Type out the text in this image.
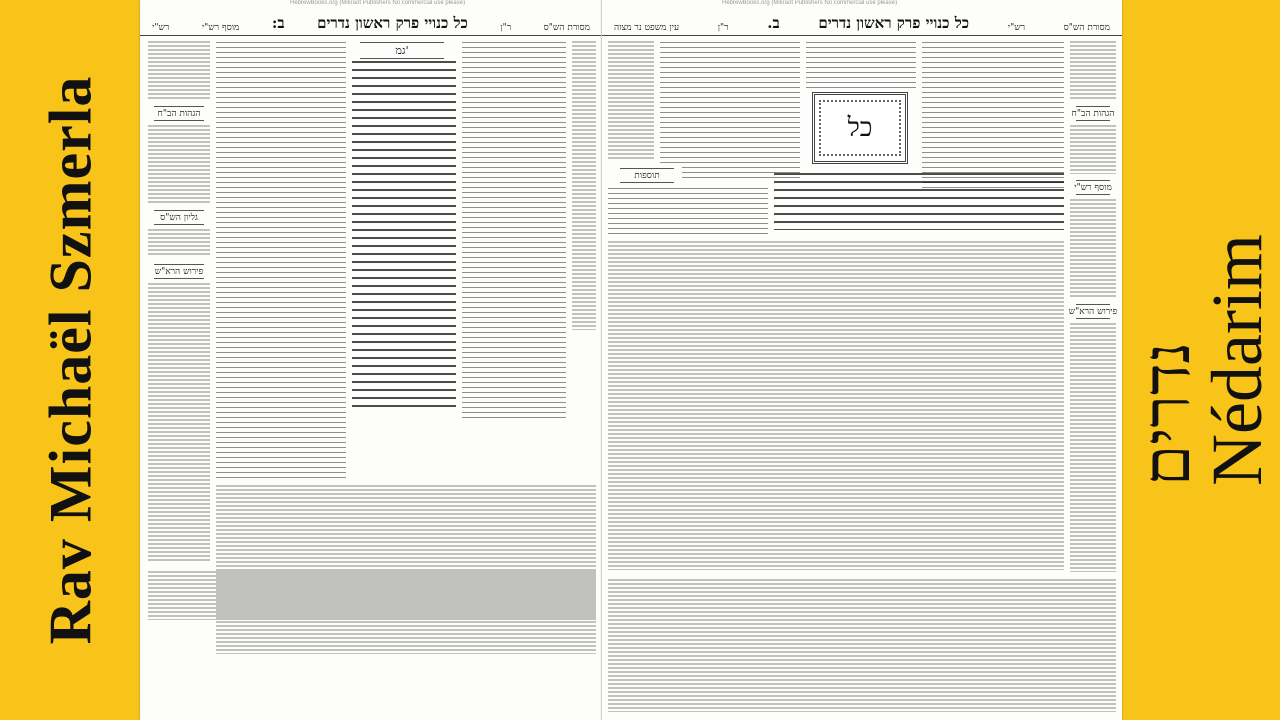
Rav Michaël Szmerla	נדרים
Nédarim
HebrewBooks.org (Mikraot Publishers No commercial use please)
מסורת הש"ס
ר"ן
כל כנויי פרק ראשון נדרים
ב:
מוסף רש"י
רש"י
הגהות הב"ח
גליון הש"ס
פירוש הרא"ש
גמ'
HebrewBooks.org (Mikraot Publishers No commercial use please)
מסורת הש"ס
רש"י
כל כנויי פרק ראשון נדרים
ב.
ר"ן
עין משפט נר מצוה
הגהות הב"ח
מוסף רש"י
פירוש הרא"ש
תוספות
כל
